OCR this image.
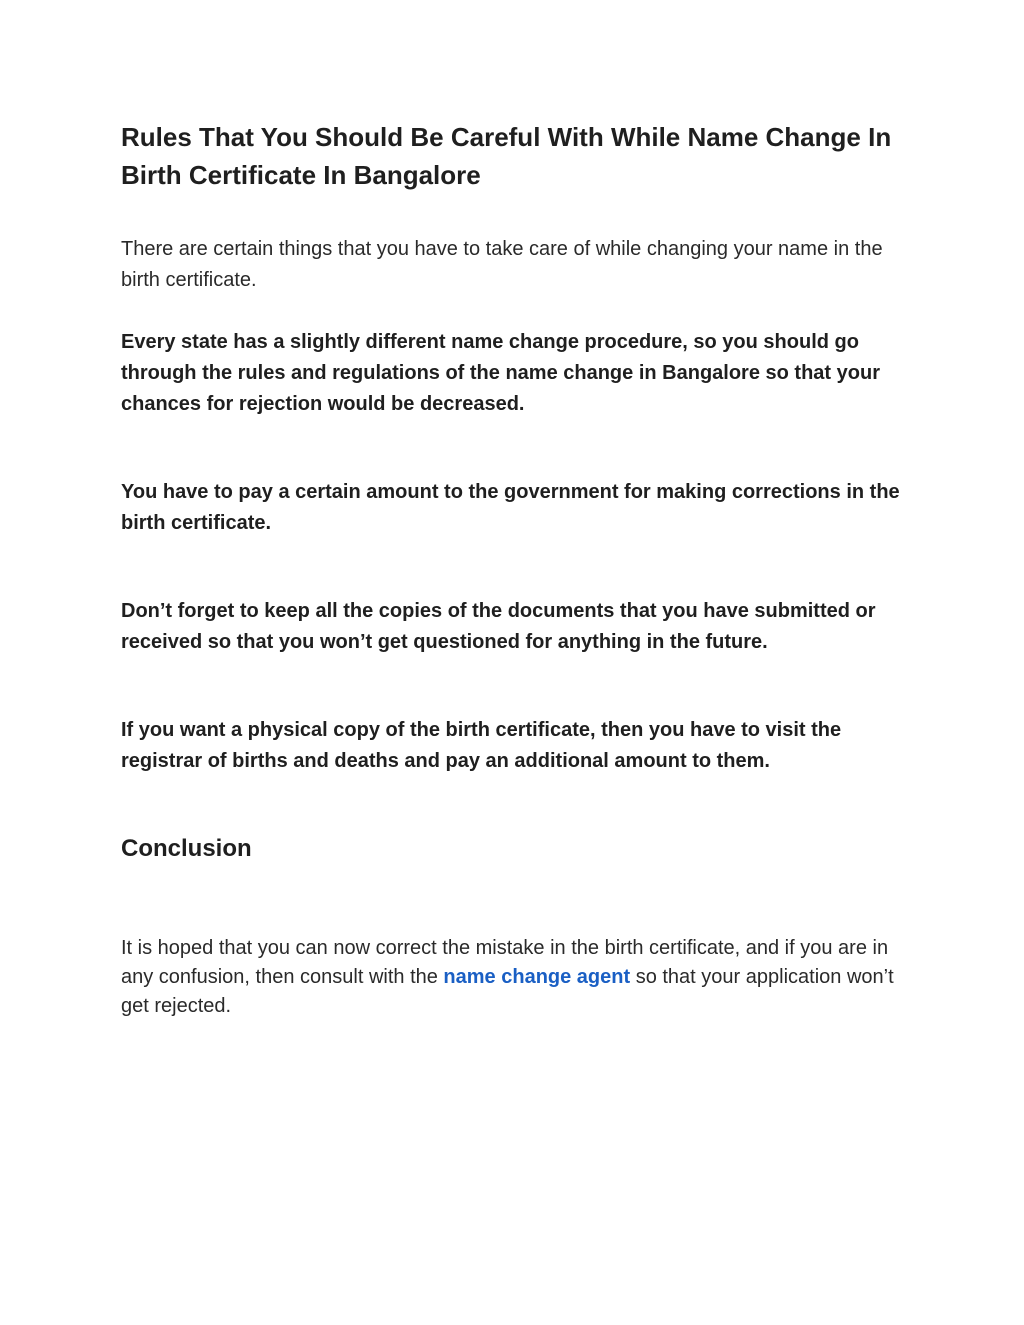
Rules That You Should Be Careful With While Name Change In Birth Certificate In Bangalore

There are certain things that you have to take care of while changing your name in the birth certificate.

Every state has a slightly different name change procedure, so you should go through the rules and regulations of the name change in Bangalore so that your chances for rejection would be decreased.

You have to pay a certain amount to the government for making corrections in the birth certificate.

Don’t forget to keep all the copies of the documents that you have submitted or received so that you won’t get questioned for anything in the future.

If you want a physical copy of the birth certificate, then you have to visit the registrar of births and deaths and pay an additional amount to them.

Conclusion

It is hoped that you can now correct the mistake in the birth certificate, and if you are in any confusion, then consult with the name change agent so that your application won’t get rejected.
